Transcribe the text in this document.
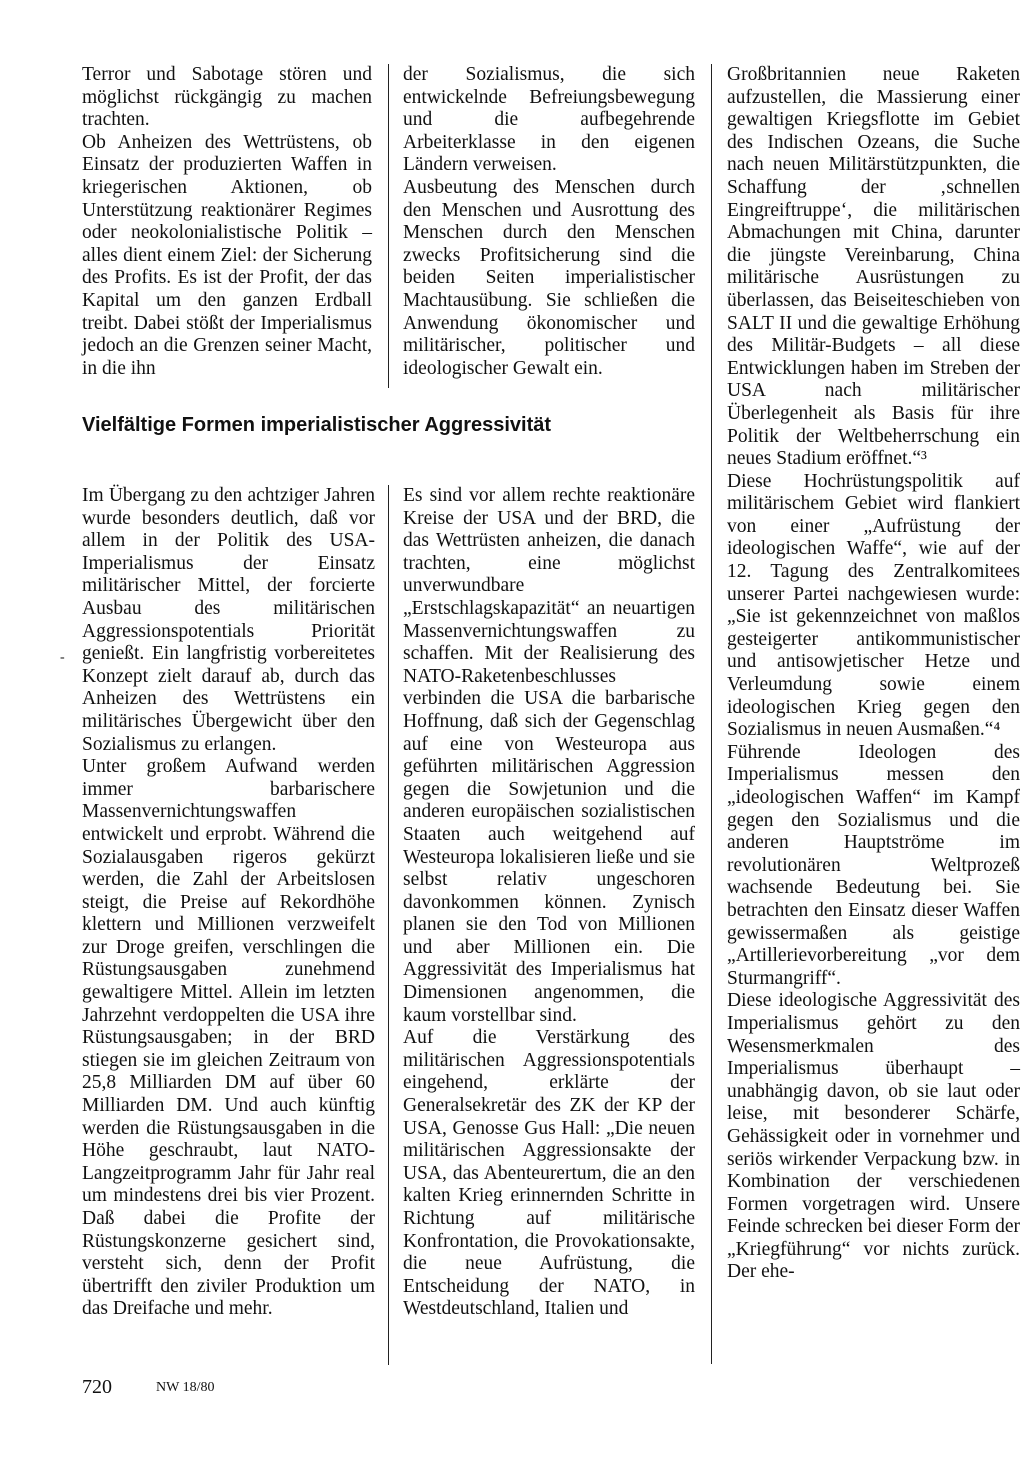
Terror und Sabotage stören und möglichst rückgängig zu machen trachten.

Ob Anheizen des Wettrüstens, ob Einsatz der produzierten Waffen in kriegerischen Aktionen, ob Unterstützung reaktionärer Regimes oder neokolonialistische Politik – alles dient einem Ziel: der Sicherung des Profits. Es ist der Profit, der das Kapital um den ganzen Erdball treibt. Dabei stößt der Imperialismus jedoch an die Grenzen seiner Macht, in die ihn

der Sozialismus, die sich entwickelnde Befreiungsbewegung und die aufbegehrende Arbeiterklasse in den eigenen Ländern verweisen.

Ausbeutung des Menschen durch den Menschen und Ausrottung des Menschen durch den Menschen zwecks Profitsicherung sind die beiden Seiten imperialistischer Machtausübung. Sie schließen die Anwendung ökonomischer und militärischer, politischer und ideologischer Gewalt ein.

Vielfältige Formen imperialistischer Aggressivität

Im Übergang zu den achtziger Jahren wurde besonders deutlich, daß vor allem in der Politik des USA-Imperialismus der Einsatz militärischer Mittel, der forcierte Ausbau des militärischen Aggressionspotentials Priorität genießt. Ein langfristig vorbereitetes Konzept zielt darauf ab, durch das Anheizen des Wettrüstens ein militärisches Übergewicht über den Sozialismus zu erlangen.

Unter großem Aufwand werden immer barbarischere Massenvernichtungswaffen entwickelt und erprobt. Während die Sozialausgaben rigeros gekürzt werden, die Zahl der Arbeitslosen steigt, die Preise auf Rekordhöhe klettern und Millionen verzweifelt zur Droge greifen, verschlingen die Rüstungsausgaben zunehmend gewaltigere Mittel. Allein im letzten Jahrzehnt verdoppelten die USA ihre Rüstungsausgaben; in der BRD stiegen sie im gleichen Zeitraum von 25,8 Milliarden DM auf über 60 Milliarden DM. Und auch künftig werden die Rüstungsausgaben in die Höhe geschraubt, laut NATO-Langzeitprogramm Jahr für Jahr real um mindestens drei bis vier Prozent. Daß dabei die Profite der Rüstungskonzerne gesichert sind, versteht sich, denn der Profit übertrifft den ziviler Produktion um das Dreifache und mehr.

Es sind vor allem rechte reaktionäre Kreise der USA und der BRD, die das Wettrüsten anheizen, die danach trachten, eine möglichst unverwundbare „Erstschlagskapazität“ an neuartigen Massenvernichtungswaffen zu schaffen. Mit der Realisierung des NATO-Raketenbeschlusses verbinden die USA die barbarische Hoffnung, daß sich der Gegenschlag auf eine von Westeuropa aus geführten militärischen Aggression gegen die Sowjetunion und die anderen europäischen sozialistischen Staaten auch weitgehend auf Westeuropa lokalisieren ließe und sie selbst relativ ungeschoren davonkommen können. Zynisch planen sie den Tod von Millionen und aber Millionen ein. Die Aggressivität des Imperialismus hat Dimensionen angenommen, die kaum vorstellbar sind.

Auf die Verstärkung des militärischen Aggressionspotentials eingehend, erklärte der Generalsekretär des ZK der KP der USA, Genosse Gus Hall: „Die neuen militärischen Aggressionsakte der USA, das Abenteurertum, die an den kalten Krieg erinnernden Schritte in Richtung auf militärische Konfrontation, die Provokationsakte, die neue Aufrüstung, die Entscheidung der NATO, in Westdeutschland, Italien und

Großbritannien neue Raketen aufzustellen, die Massierung einer gewaltigen Kriegsflotte im Gebiet des Indischen Ozeans, die Suche nach neuen Militärstützpunkten, die Schaffung der ‚schnellen Eingreiftruppe‘, die militärischen Abmachungen mit China, darunter die jüngste Vereinbarung, China militärische Ausrüstungen zu überlassen, das Beiseiteschieben von SALT II und die gewaltige Erhöhung des Militär-Budgets – all diese Entwicklungen haben im Streben der USA nach militärischer Überlegenheit als Basis für ihre Politik der Weltbeherrschung ein neues Stadium eröffnet.“³

Diese Hochrüstungspolitik auf militärischem Gebiet wird flankiert von einer „Aufrüstung der ideologischen Waffe“, wie auf der 12. Tagung des Zentralkomitees unserer Partei nachgewiesen wurde: „Sie ist gekennzeichnet von maßlos gesteigerter antikommunistischer und antisowjetischer Hetze und Verleumdung sowie einem ideologischen Krieg gegen den Sozialismus in neuen Ausmaßen.“⁴

Führende Ideologen des Imperialismus messen den „ideologischen Waffen“ im Kampf gegen den Sozialismus und die anderen Hauptströme im revolutionären Weltprozeß wachsende Bedeutung bei. Sie betrachten den Einsatz dieser Waffen gewissermaßen als geistige „Artillerievorbereitung „vor dem Sturmangriff“.

Diese ideologische Aggressivität des Imperialismus gehört zu den Wesensmerkmalen des Imperialismus überhaupt – unabhängig davon, ob sie laut oder leise, mit besonderer Schärfe, Gehässigkeit oder in vornehmer und seriös wirkender Verpackung bzw. in Kombination der verschiedenen Formen vorgetragen wird. Unsere Feinde schrecken bei dieser Form der „Kriegführung“ vor nichts zurück. Der ehe-

-
720	NW 18/80
